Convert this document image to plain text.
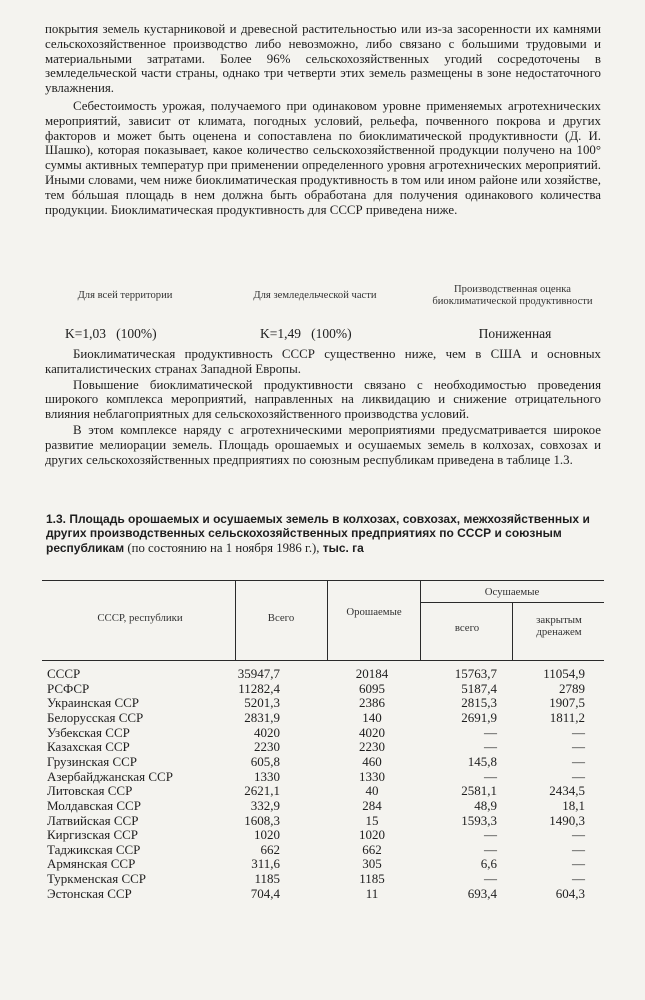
покрытия земель кустарниковой и древесной растительностью или из-за засоренности их камнями сельскохозяйственное производство либо невозможно, либо связано с большими трудовыми и материальными затратами. Более 96% сельскохозяйственных угодий сосредоточены в земледельческой части страны, однако три четверти этих земель размещены в зоне недостаточного увлажнения.

Себестоимость урожая, получаемого при одинаковом уровне применяемых агротехнических мероприятий, зависит от климата, погодных условий, рельефа, почвенного покрова и других факторов и может быть оценена и сопоставлена по биоклиматической продуктивности (Д. И. Шашко), которая показывает, какое количество сельскохозяйственной продукции получено на 100° суммы активных температур при применении определенного уровня агротехнических мероприятий. Иными словами, чем ниже биоклиматическая продуктивность в том или ином районе или хозяйстве, тем бóльшая площадь в нем должна быть обработана для получения одинакового количества продукции. Биоклиматическая продуктивность для СССР приведена ниже.

Для всей территории	Для земледельческой части
Производственная оценка биоклиматической продуктивности
K=1,03   (100%)	K=1,49   (100%)	Пониженная

Биоклиматическая продуктивность СССР существенно ниже, чем в США и основных капиталистических странах Западной Европы.

Повышение биоклиматической продуктивности связано с необходимостью проведения широкого комплекса мероприятий, направленных на ликвидацию и снижение отрицательного влияния неблагоприятных для сельскохозяйственного производства условий.

В этом комплексе наряду с агротехническими мероприятиями предусматривается широкое развитие мелиорации земель. Площадь орошаемых и осушаемых земель в колхозах, совхозах и других сельскохозяйственных предприятиях по союзным республикам приведена в таблице 1.3.

1.3. Площадь орошаемых и осушаемых земель в колхозах, совхозах, межхозяйственных и других производственных сельскохозяйственных предприятиях по СССР и союзным республикам (по состоянию на 1 ноября 1986 г.), тыс. га
СССР, республики	Всего	Орошаемые
Осушаемые
всего
закрытым дренажем
СССР	35947,7	20184	15763,7	11054,9
РСФСР	11282,4	6095	5187,4	2789
Украинская ССР	5201,3	2386	2815,3	1907,5
Белорусская ССР	2831,9	140	2691,9	1811,2
Узбекская ССР	4020	4020	—	—
Казахская ССР	2230	2230	—	—
Грузинская ССР	605,8	460	145,8	—
Азербайджанская ССР	1330	1330	—	—
Литовская ССР	2621,1	40	2581,1	2434,5
Молдавская ССР	332,9	284	48,9	18,1
Латвийская ССР	1608,3	15	1593,3	1490,3
Киргизская ССР	1020	1020	—	—
Таджикская ССР	662	662	—	—
Армянская ССР	311,6	305	6,6	—
Туркменская ССР	1185	1185	—	—
Эстонская ССР	704,4	11	693,4	604,3
